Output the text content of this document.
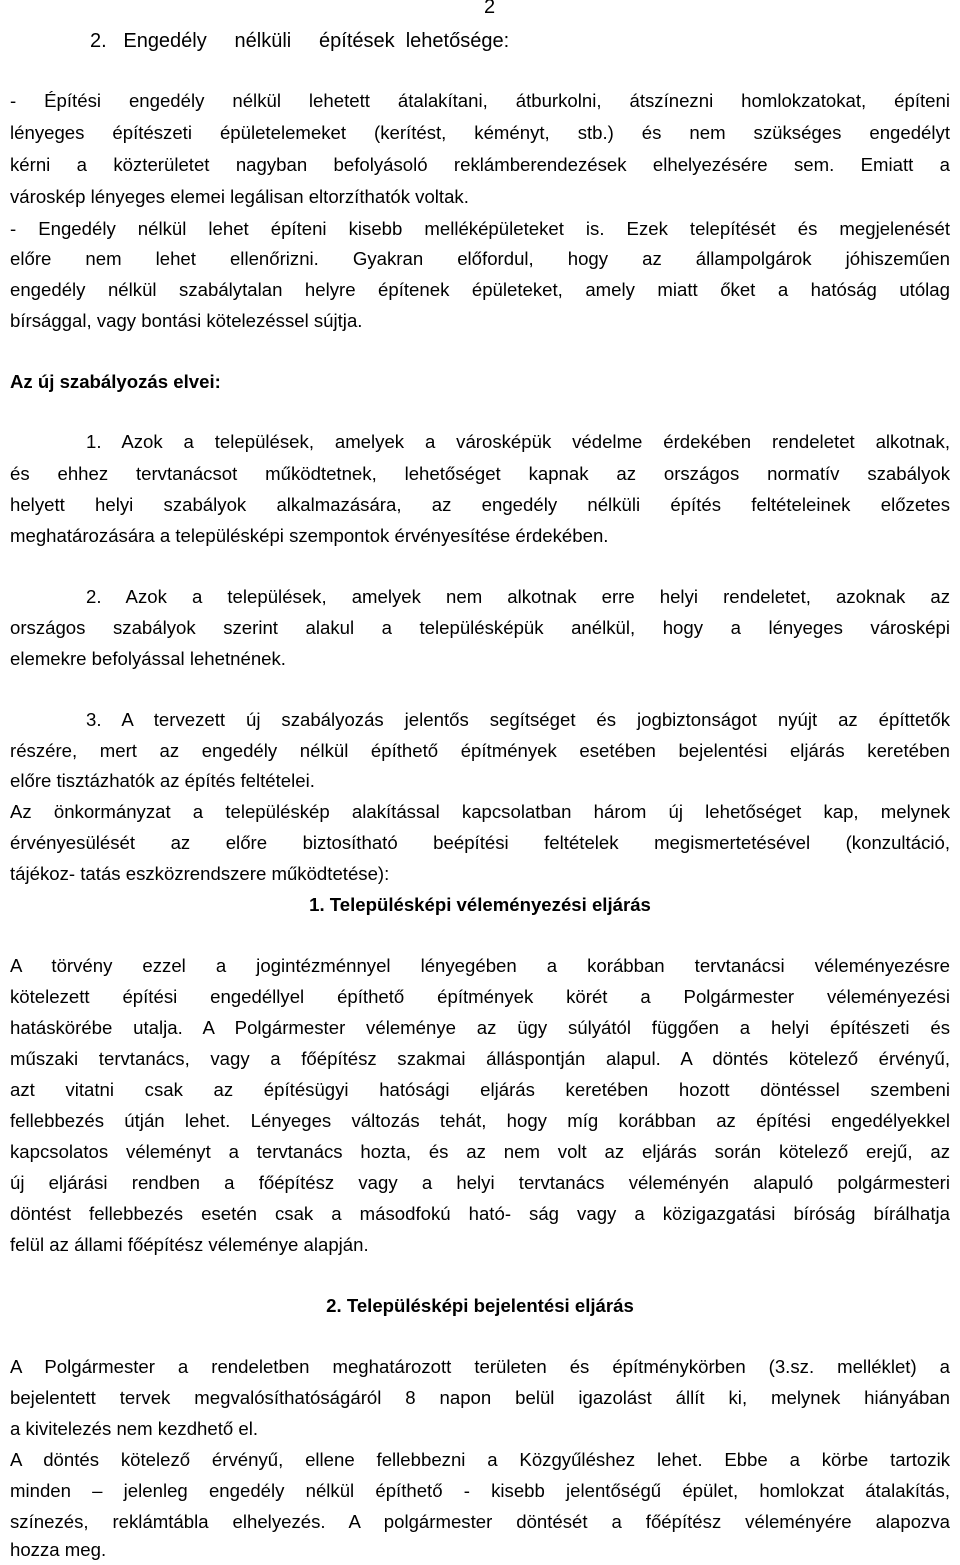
2
2.   Engedély     nélküli     építések  lehetősége:
- Építési engedély nélkül lehetett átalakítani, átburkolni, átszínezni homlokzatokat, építeni
lényeges építészeti épületelemeket (kerítést, kéményt, stb.) és nem szükséges engedélyt
kérni a közterületet nagyban befolyásoló reklámberendezések elhelyezésére sem. Emiatt a
városkép lényeges elemei legálisan eltorzíthatók voltak.
- Engedély nélkül lehet építeni kisebb melléképületeket is. Ezek telepítését és megjelenését
előre nem lehet ellenőrizni. Gyakran előfordul, hogy az állampolgárok jóhiszeműen
engedély nélkül szabálytalan helyre építenek épületeket, amely miatt őket a hatóság utólag
bírsággal, vagy bontási kötelezéssel sújtja.
Az új szabályozás elvei:
1. Azok a települések, amelyek a városképük védelme érdekében rendeletet alkotnak,
és ehhez tervtanácsot működtetnek, lehetőséget kapnak az országos normatív szabályok
helyett helyi szabályok alkalmazására, az engedély nélküli építés feltételeinek előzetes
meghatározására a településképi szempontok érvényesítése érdekében.
2. Azok a települések, amelyek nem alkotnak erre helyi rendeletet, azoknak az
országos szabályok szerint alakul a településképük anélkül, hogy a lényeges városképi
elemekre befolyással lehetnének.
3. A tervezett új szabályozás jelentős segítséget és jogbiztonságot nyújt az építtetők
részére, mert az engedély nélkül építhető építmények esetében bejelentési eljárás keretében
előre tisztázhatók az építés feltételei.
Az önkormányzat a településkép alakítással kapcsolatban három új lehetőséget kap, melynek
érvényesülését az előre biztosítható beépítési feltételek megismertetésével (konzultáció,
tájékoz- tatás eszközrendszere működtetése):
1. Településképi véleményezési eljárás
A törvény ezzel a jogintézménnyel lényegében a korábban tervtanácsi véleményezésre
kötelezett építési engedéllyel építhető építmények körét a Polgármester véleményezési
hatáskörébe utalja. A Polgármester véleménye az ügy súlyától függően a helyi építészeti és
műszaki tervtanács, vagy a főépítész szakmai álláspontján alapul. A döntés kötelező érvényű,
azt vitatni csak az építésügyi hatósági eljárás keretében hozott döntéssel szembeni
fellebbezés útján lehet. Lényeges változás tehát, hogy míg korábban az építési engedélyekkel
kapcsolatos véleményt a tervtanács hozta, és az nem volt az eljárás során kötelező erejű, az
új eljárási rendben a főépítész vagy a helyi tervtanács véleményén alapuló polgármesteri
döntést fellebbezés esetén csak a másodfokú ható- ság vagy a közigazgatási bíróság bírálhatja
felül az állami főépítész véleménye alapján.
2. Településképi bejelentési eljárás
A Polgármester a rendeletben meghatározott területen és építménykörben (3.sz. melléklet) a
bejelentett tervek megvalósíthatóságáról 8 napon belül igazolást állít ki, melynek hiányában
a kivitelezés nem kezdhető el.
A döntés kötelező érvényű, ellene fellebbezni a Közgyűléshez lehet. Ebbe a körbe tartozik
minden – jelenleg engedély nélkül építhető - kisebb jelentőségű épület, homlokzat átalakítás,
színezés, reklámtábla elhelyezés. A polgármester döntését a főépítész véleményére alapozva
hozza meg.
